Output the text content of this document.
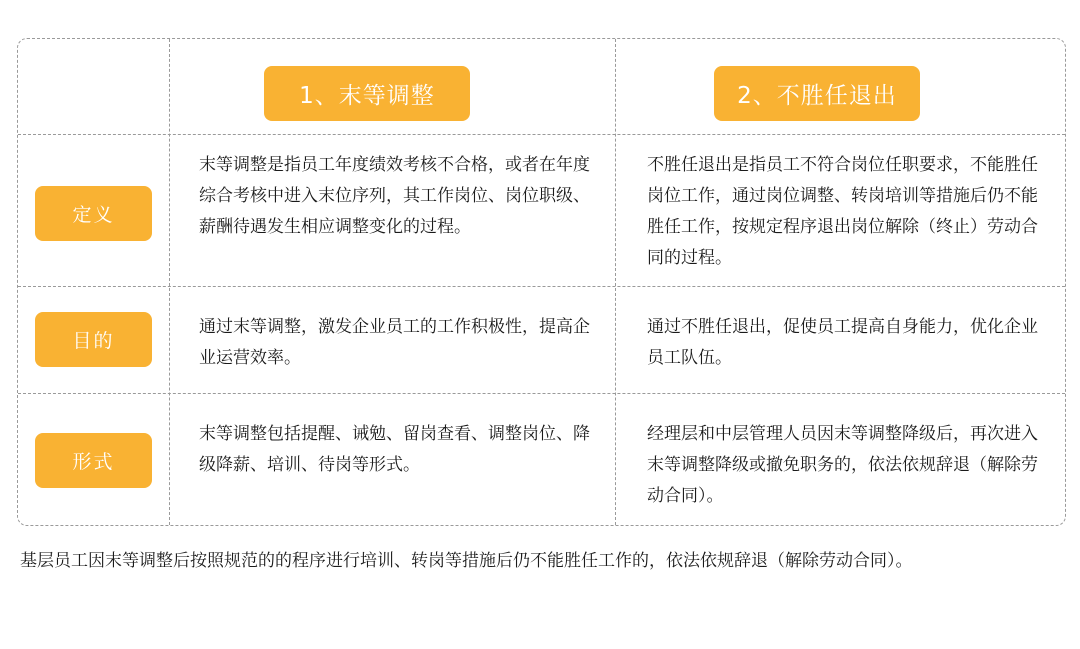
1、末等调整	2、不胜任退出
定义
目的
形式
末等调整是指员工年度绩效考核不合格，或者在年度综合考核中进入末位序列，其工作岗位、岗位职级、薪酬待遇发生相应调整变化的过程。
不胜任退出是指员工不符合岗位任职要求，不能胜任岗位工作，通过岗位调整、转岗培训等措施后仍不能胜任工作，按规定程序退出岗位解除（终止）劳动合同的过程。
通过末等调整，激发企业员工的工作积极性，提高企业运营效率。
通过不胜任退出，促使员工提高自身能力，优化企业员工队伍。
末等调整包括提醒、诫勉、留岗查看、调整岗位、降级降薪、培训、待岗等形式。
经理层和中层管理人员因末等调整降级后，再次进入末等调整降级或撤免职务的，依法依规辞退（解除劳动合同）。
基层员工因末等调整后按照规范的的程序进行培训、转岗等措施后仍不能胜任工作的，依法依规辞退（解除劳动合同）。
